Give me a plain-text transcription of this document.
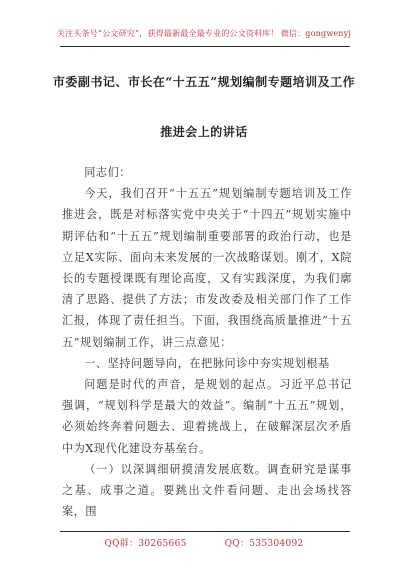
关注头条号“公文研究”，获得最新最全最专业的公文资料库！ 微信：gongwenyj
市委副书记、市长在“十五五”规划编制专题培训及工作
推进会上的讲话

同志们：

今天，我们召开“十五五”规划编制专题培训及工作推进会，既是对标落实党中央关于“十四五”规划实施中期评估和“十五五”规划编制重要部署的政治行动，也是立足X实际、面向未来发展的一次战略谋划。刚才，X院长的专题授课既有理论高度，又有实践深度，为我们廓清了思路、提供了方法；市发改委及相关部门作了工作汇报，体现了责任担当。下面，我围绕高质量推进“十五五”规划编制工作，讲三点意见：

一、坚持问题导向，在把脉问诊中夯实规划根基

问题是时代的声音，是规划的起点。习近平总书记强调，“规划科学是最大的效益”。编制“十五五”规划，必须始终奔着问题去、迎着挑战上，在破解深层次矛盾中为X现代化建设夯基垒台。

（一）以深调细研摸清发展底数。调查研究是谋事之基、成事之道。要跳出文件看问题、走出会场找答案，围

QQ群：30265665	QQ：535304092
